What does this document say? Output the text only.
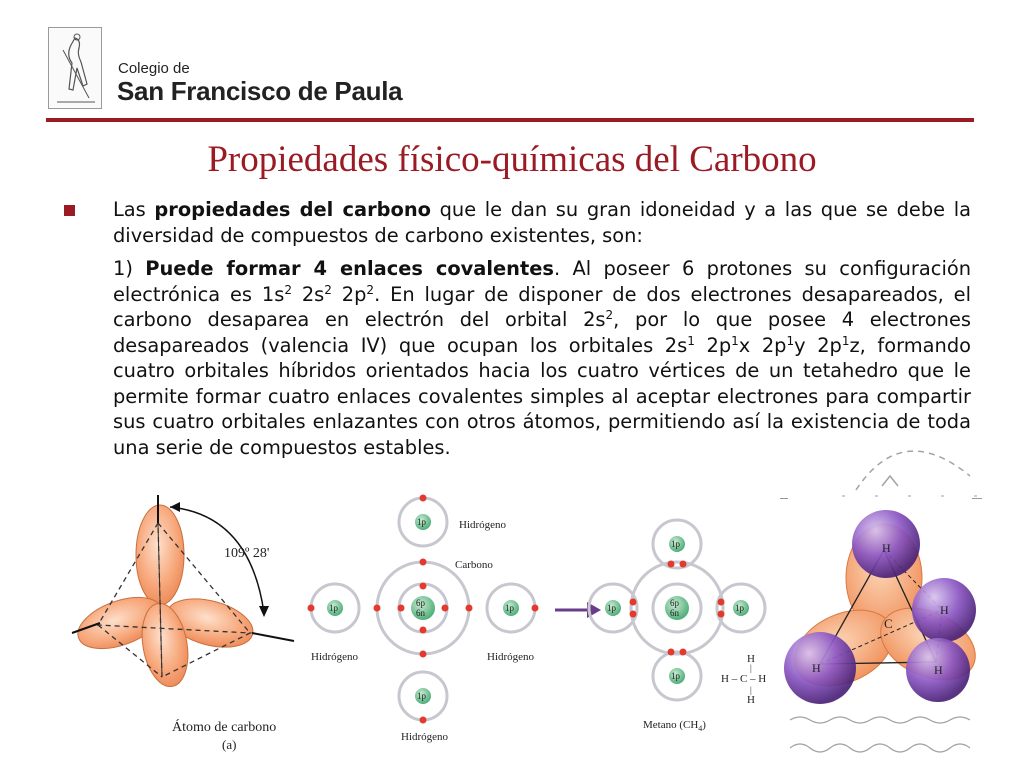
Colegio de
San Francisco de Paula
Propiedades físico-químicas del Carbono
Las propiedades del carbono que le dan su gran idoneidad y a las que se debe la diversidad de compuestos de carbono existentes, son:
1) Puede formar 4 enlaces covalentes. Al poseer 6 protones su configuración electrónica es $1s^2$ $2s^2$ $2p^2$. En lugar de disponer de dos electrones desapareados, el carbono desaparea en electrón del orbital $2s^2$, por lo que posee 4 electrones desapareados (valencia IV) que ocupan los orbitales $2s^1$ $2p^1x$ $2p^1y$ $2p^1z$, formando cuatro orbitales híbridos orientados hacia los cuatro vértices de un tetahedro que le permite formar cuatro enlaces covalentes simples al aceptar electrones para compartir sus cuatro orbitales enlazantes con otros átomos, permitiendo así la existencia de toda una serie de compuestos estables.
109º 28'
Átomo de carbono
(a)
6p
6n
1p
1p	1p
1p
Hidrógeno
Carbono
Hidrógeno	Hidrógeno
Hidrógeno
6p
6n
1p
1p	1p
1p
H
|
H – C – H
|
H
Metano $(CH_4)$
C
H
H
H	H
